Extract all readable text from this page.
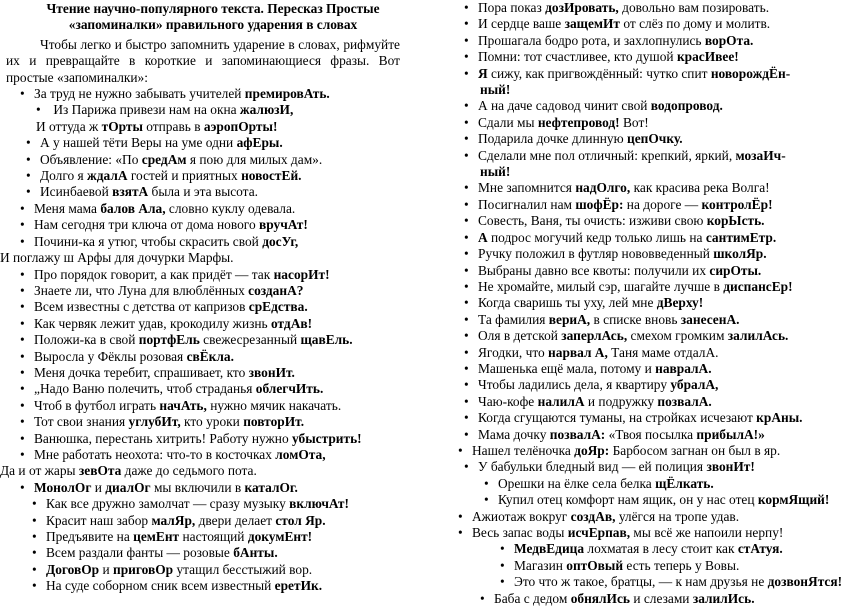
Чтение научно-популярного текста. Пересказ Простые
«запоминалки» правильного ударения в словах
Чтобы легко и быстро запомнить ударение в словах, рифмуйте их и превращайте в короткие и запоминающиеся фразы. Вот простые «запоминалки»:
• За труд не нужно забывать учителей премировАть.
• Из Парижа привези нам на окна жалюзИ,
И оттуда ж тОрты отправь в аэропОрты!
• А у нашей тёти Веры на уме одни афЕры.
• Объявление: «По средАм я пою для милых дам».
• Долго я ждалА гостей и приятных новостЕй.
• Исинбаевой взятА была и эта высота.
• Меня мама балов Ала, словно куклу одевала.
• Нам сегодня три ключа от дома нового вручАт!
• Почини-ка я утюг, чтобы скрасить свой досУг,
И поглажу ш Арфы для дочурки Марфы.
• Про порядок говорит, а как придёт — так насорИт!
• Знаете ли, что Луна для влюблённых созданА?
• Всем известны с детства от капризов срЕдства.
• Как червяк лежит удав, крокодилу жизнь отдАв!
• Положи-ка в свой портфЕль свежесрезанный щавЕль.
• Выросла у Фёклы розовая свЁкла.
• Меня дочка теребит, спрашивает, кто звонИт.
• „Надо Ваню полечить, чтоб страданья облегчИть.
• Чтоб в футбол играть начАть, нужно мячик накачать.
• Тот свои знания углубИт, кто уроки повторИт.
• Ванюшка, перестань хитрить! Работу нужно убыстрить!
• Мне работать неохота: что-то в косточках ломОта,
Да и от жары зевОта даже до седьмого пота.
• МонолОг и диалОг мы включили в каталОг.
• Как все дружно замолчат — сразу музыку включАт!
• Красит наш забор малЯр, двери делает стол Яр.
• Предъявите на цемЕнт настоящий докумЕнт!
• Всем раздали фанты — розовые бАнты.
• ДоговОр и приговОр утащил бесстыжий вор.
• На суде соборном сник всем известный еретИк.
• Пора показ дозИровать, довольно вам позировать.
• И сердце ваше защемИт от слёз по дому и молитв.
• Прошагала бодро рота, и захлопнулись ворОта.
• Помни: тот счастливее, кто душой красИвее!
• Я сижу, как пригвождённый: чутко спит новорождЁн-
ный!
• А на даче садовод чинит свой водопровод.
• Сдали мы нефтепровод! Вот!
• Подарила дочке длинную цепОчку.
• Сделали мне пол отличный: крепкий, яркий, мозаИч-
ный!
• Мне запомнится надОлго, как красива река Волга!
• Посигналил нам шофЁр: на дороге — контролЁр!
• Совесть, Ваня, ты очисть: изживи свою корЫсть.
• А подрос могучий кедр только лишь на сантимЕтр.
• Ручку положил в футляр нововведенный школЯр.
• Выбраны давно все квоты: получили их сирОты.
• Не хромайте, милый сэр, шагайте лучше в диспансЕр!
• Когда сваришь ты уху, лей мне дВерху!
• Та фамилия вериА, в списке вновь занесенА.
• Оля в детской заперлАсь, смехом громким залилАсь.
• Ягодки, что нарвал А, Таня маме отдалА.
• Машенька ещё мала, потому и навралА.
• Чтобы ладились дела, я квартиру убралА,
• Чаю-кофе налилА и подружку позвалА.
• Когда сгущаются туманы, на стройках исчезают крАны.
• Мама дочку позвалА: «Твоя посылка прибылА!»
• Нашел телёночка доЯр: Барбосом загнан он был в яр.
• У бабульки бледный вид — ей полиция звонИт!
• Орешки на ёлке села белка щЁлкать.
• Купил отец комфорт нам ящик, он у нас отец кормЯщий!
• Ажиотаж вокруг создАв, улёгся на тропе удав.
• Весь запас воды исчЕрпав, мы всё же напоили нерпу!
• МедвЕдица лохматая в лесу стоит как стАтуя.
• Магазин оптОвый есть теперь у Вовы.
• Это что ж такое, братцы, — к нам друзья не дозвонЯтся!
• Баба с дедом обнялИсь и слезами залилИсь.
